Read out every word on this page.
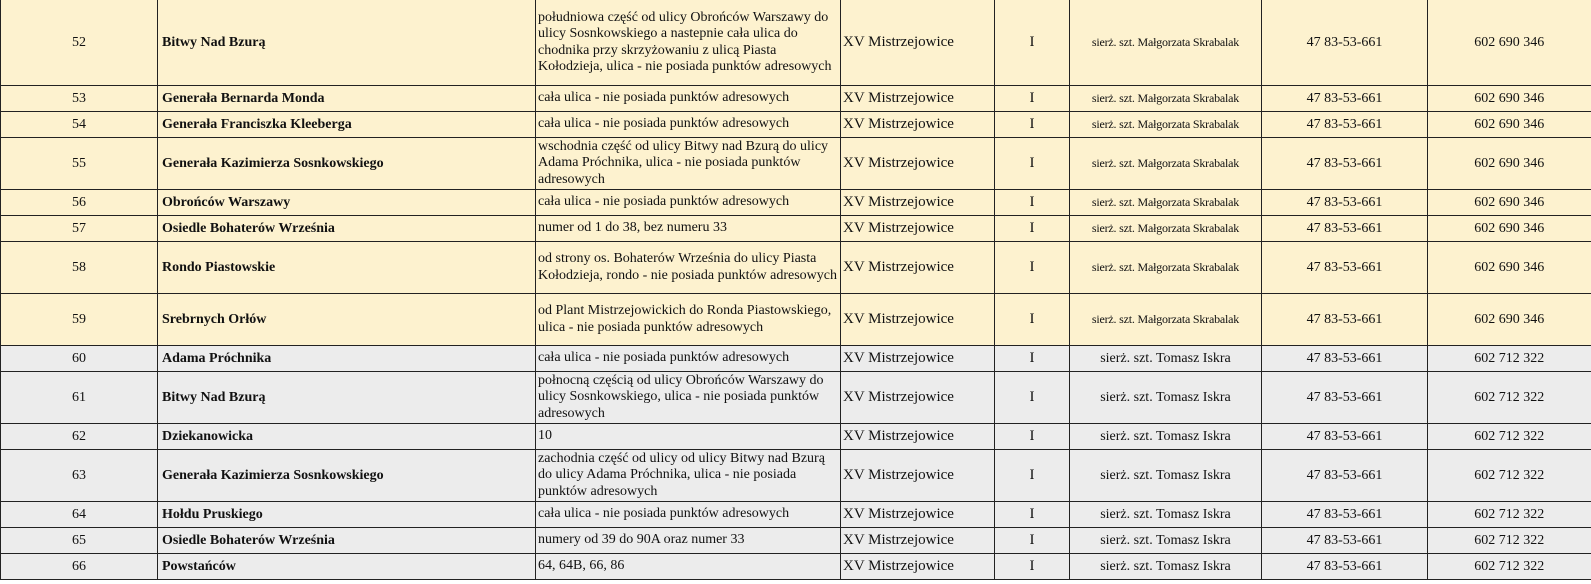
52	Bitwy Nad Bzurą	południowa część od ulicy Obrońców Warszawy do ulicy Sosnkowskiego a nastepnie cała ulica do chodnika przy skrzyżowaniu z ulicą Piasta Kołodzieja, ulica - nie posiada punktów adresowych	XV Mistrzejowice	I	sierż. szt. Małgorzata Skrabalak	47 83-53-661	602 690 346
53	Generała Bernarda Monda	cała ulica - nie posiada punktów adresowych	XV Mistrzejowice	I	sierż. szt. Małgorzata Skrabalak	47 83-53-661	602 690 346
54	Generała Franciszka Kleeberga	cała ulica - nie posiada punktów adresowych	XV Mistrzejowice	I	sierż. szt. Małgorzata Skrabalak	47 83-53-661	602 690 346
55	Generała Kazimierza Sosnkowskiego	wschodnia część od ulicy Bitwy nad Bzurą do ulicy Adama Próchnika, ulica - nie posiada punktów adresowych	XV Mistrzejowice	I	sierż. szt. Małgorzata Skrabalak	47 83-53-661	602 690 346
56	Obrońców Warszawy	cała ulica - nie posiada punktów adresowych	XV Mistrzejowice	I	sierż. szt. Małgorzata Skrabalak	47 83-53-661	602 690 346
57	Osiedle Bohaterów Września	numer od 1 do 38, bez numeru 33	XV Mistrzejowice	I	sierż. szt. Małgorzata Skrabalak	47 83-53-661	602 690 346
58	Rondo Piastowskie	od strony os. Bohaterów Września do ulicy Piasta Kołodzieja, rondo - nie posiada punktów adresowych	XV Mistrzejowice	I	sierż. szt. Małgorzata Skrabalak	47 83-53-661	602 690 346
59	Srebrnych Orłów	od Plant Mistrzejowickich do Ronda Piastowskiego, ulica - nie posiada punktów adresowych	XV Mistrzejowice	I	sierż. szt. Małgorzata Skrabalak	47 83-53-661	602 690 346
60	Adama Próchnika	cała ulica - nie posiada punktów adresowych	XV Mistrzejowice	I	sierż. szt. Tomasz Iskra	47 83-53-661	602 712 322
61	Bitwy Nad Bzurą	połnocną częścią od ulicy Obrońców Warszawy do ulicy Sosnkowskiego, ulica - nie posiada punktów adresowych	XV Mistrzejowice	I	sierż. szt. Tomasz Iskra	47 83-53-661	602 712 322
62	Dziekanowicka	10	XV Mistrzejowice	I	sierż. szt. Tomasz Iskra	47 83-53-661	602 712 322
63	Generała Kazimierza Sosnkowskiego	zachodnia część od ulicy od ulicy Bitwy nad Bzurą do ulicy Adama Próchnika, ulica - nie posiada punktów adresowych	XV Mistrzejowice	I	sierż. szt. Tomasz Iskra	47 83-53-661	602 712 322
64	Hołdu Pruskiego	cała ulica - nie posiada punktów adresowych	XV Mistrzejowice	I	sierż. szt. Tomasz Iskra	47 83-53-661	602 712 322
65	Osiedle Bohaterów Września	numery od 39 do 90A oraz numer 33	XV Mistrzejowice	I	sierż. szt. Tomasz Iskra	47 83-53-661	602 712 322
66	Powstańców	64, 64B, 66, 86	XV Mistrzejowice	I	sierż. szt. Tomasz Iskra	47 83-53-661	602 712 322
